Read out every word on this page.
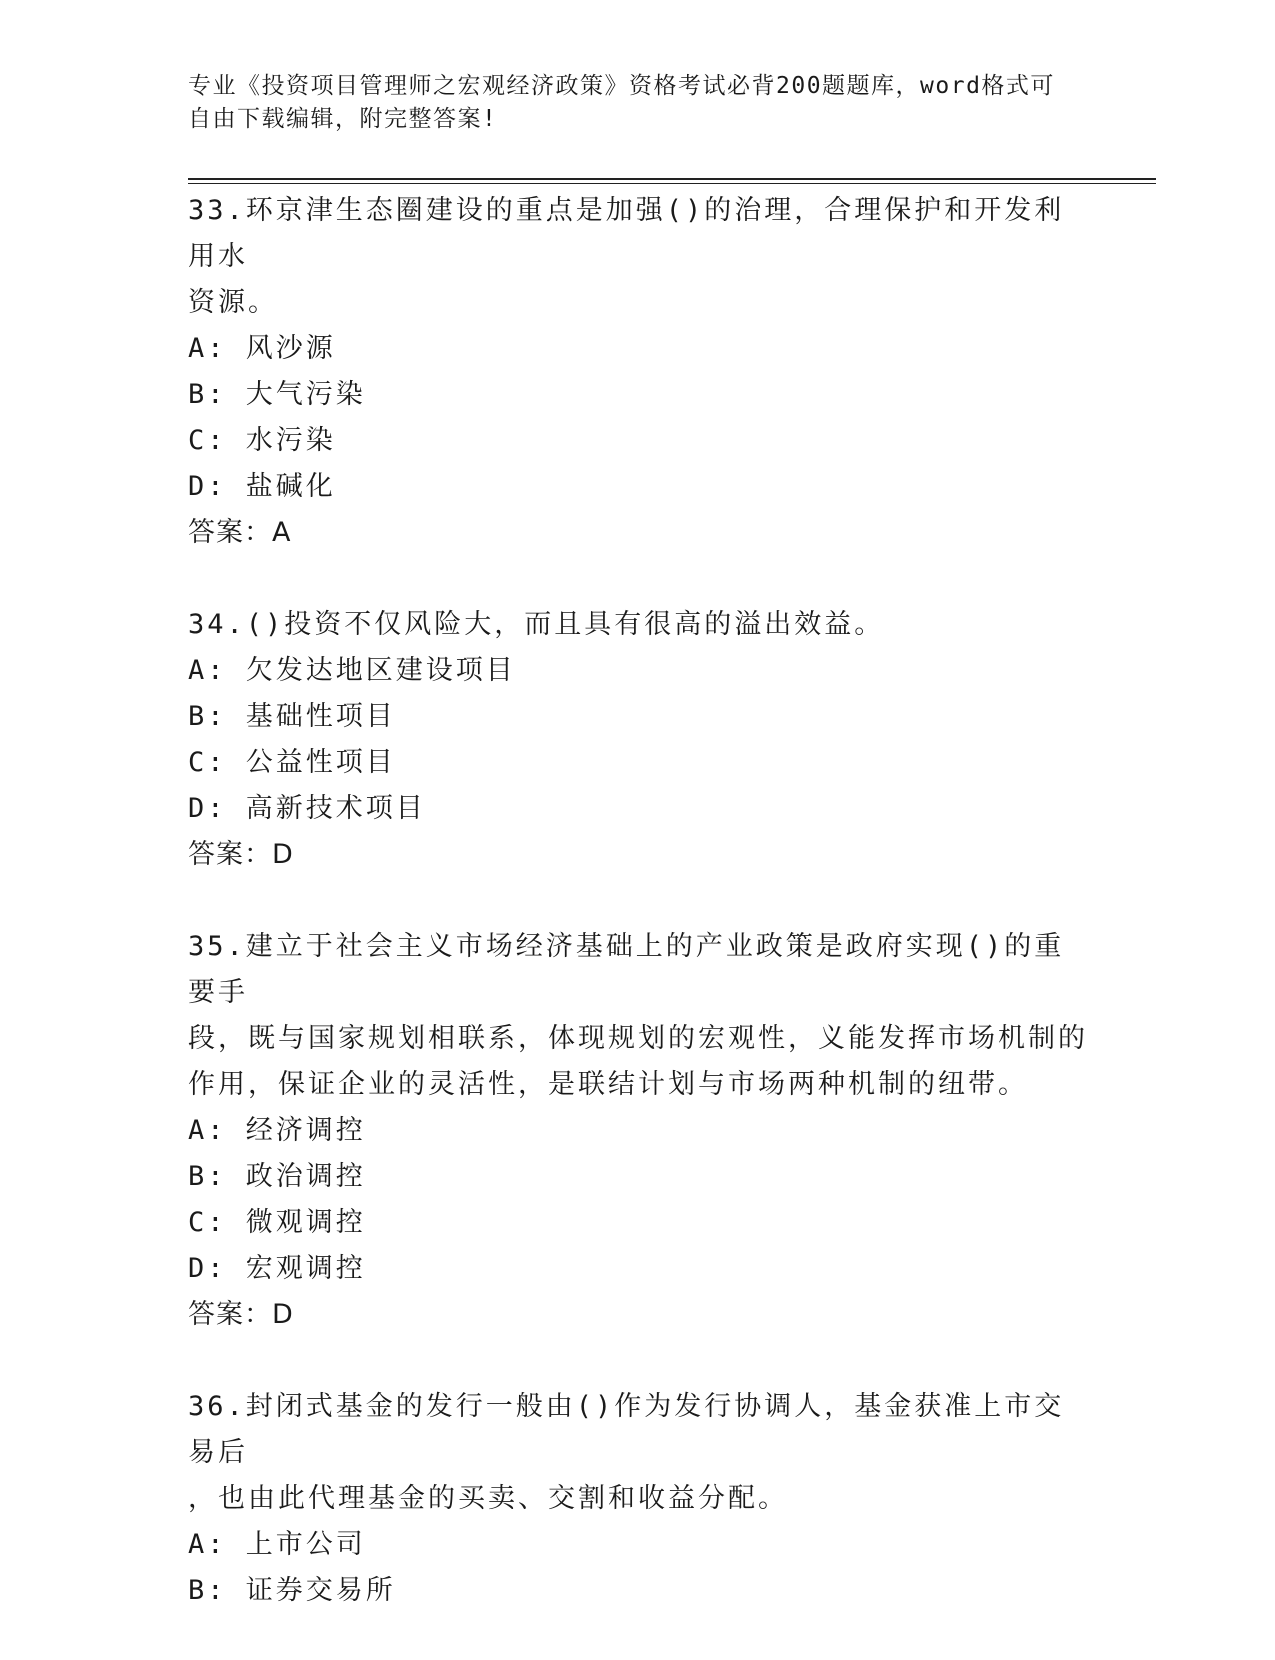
专业《投资项目管理师之宏观经济政策》资格考试必背200题题库，word格式可
自由下载编辑，附完整答案!

33.环京津生态圈建设的重点是加强()的治理，合理保护和开发利用水

资源。

A: 风沙源

B: 大气污染

C: 水污染

D: 盐碱化

答案：A

34.()投资不仅风险大，而且具有很高的溢出效益。

A: 欠发达地区建设项目

B: 基础性项目

C: 公益性项目

D: 高新技术项目

答案：D

35.建立于社会主义市场经济基础上的产业政策是政府实现()的重要手

段，既与国家规划相联系，体现规划的宏观性，义能发挥市场机制的

作用，保证企业的灵活性，是联结计划与市场两种机制的纽带。

A: 经济调控

B: 政治调控

C: 微观调控

D: 宏观调控

答案：D

36.封闭式基金的发行一般由()作为发行协调人，基金获准上市交易后

，也由此代理基金的买卖、交割和收益分配。

A: 上市公司

B: 证券交易所
